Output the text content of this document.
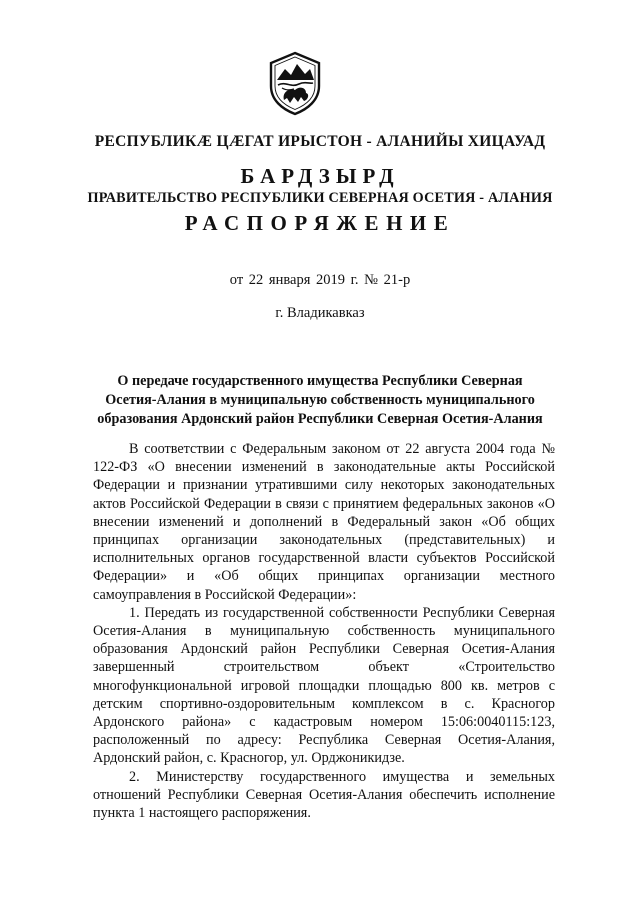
РЕСПУБЛИКÆ ЦÆГАТ ИРЫСТОН - АЛАНИЙЫ ХИЦАУАД
БАРДЗЫРД
ПРАВИТЕЛЬСТВО РЕСПУБЛИКИ СЕВЕРНАЯ ОСЕТИЯ - АЛАНИЯ
РАСПОРЯЖЕНИЕ
от 22 января 2019 г. № 21-р
г. Владикавказ
О передаче государственного имущества Республики Северная
Осетия-Алания в муниципальную собственность муниципального
образования Ардонский район Республики Северная Осетия-Алания

В соответствии с Федеральным законом от 22 августа 2004 года № 122-ФЗ «О внесении изменений в законодательные акты Российской Федерации и признании утратившими силу некоторых законодательных актов Российской Федерации в связи с принятием федеральных законов «О внесении изменений и дополнений в Федеральный закон «Об общих принципах организации законодательных (представительных) и исполнительных органов государственной власти субъектов Российской Федерации» и «Об общих принципах организации местного самоуправления в Российской Федерации»:

1. Передать из государственной собственности Республики Северная Осетия-Алания в муниципальную собственность муниципального образования Ардонский район Республики Северная Осетия-Алания завершенный строительством объект «Строительство многофункциональной игровой площадки площадью 800 кв. метров с детским спортивно-оздоровительным комплексом в с. Красногор Ардонского района» с кадастровым номером 15:06:0040115:123, расположенный по адресу: Республика Северная Осетия-Алания, Ардонский район, с. Красногор, ул. Орджоникидзе.

2. Министерству государственного имущества и земельных отношений Республики Северная Осетия-Алания обеспечить исполнение пункта 1 настоящего распоряжения.
